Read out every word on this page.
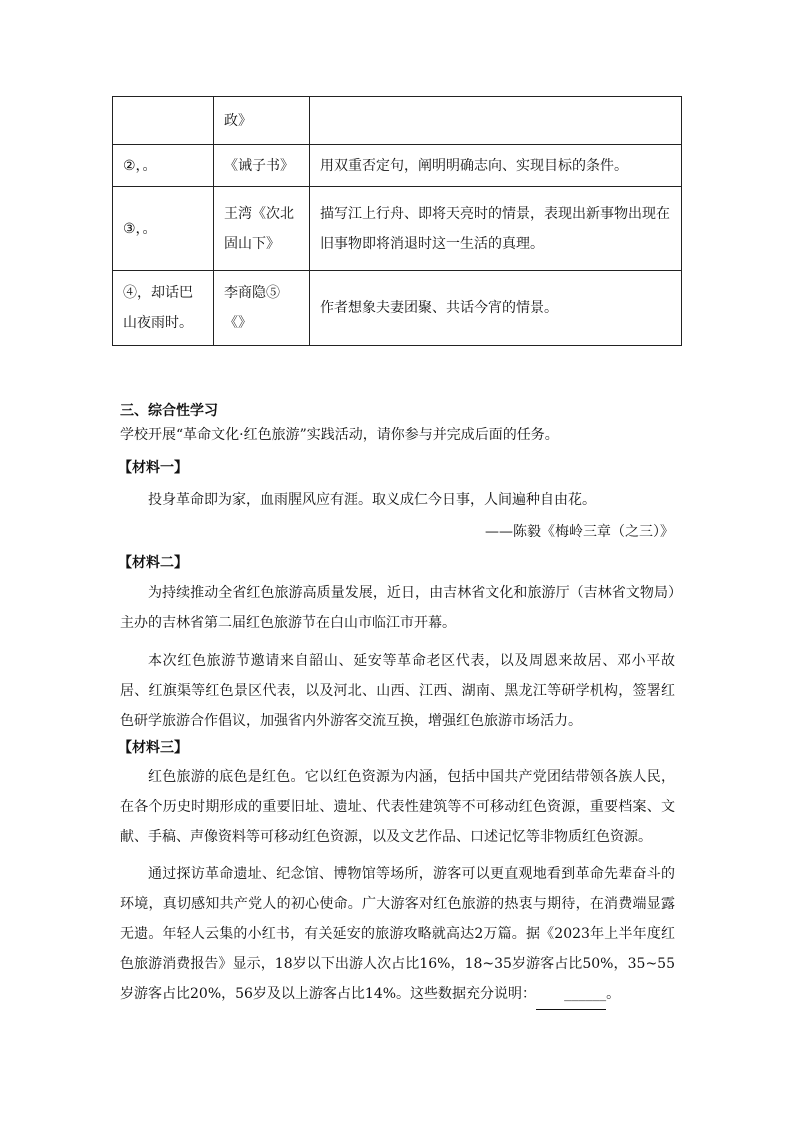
	政》	
②，。	《诫子书》	用双重否定句，阐明明确志向、实现目标的条件。
③，。	王湾《次北固山下》	描写江上行舟、即将天亮时的情景，表现出新事物出现在旧事物即将消退时这一生活的真理。
④，却话巴山夜雨时。	李商隐⑤《》	作者想象夫妻团聚、共话今宵的情景。
三、综合性学习
学校开展“革命文化·红色旅游”实践活动，请你参与并完成后面的任务。
【材料一】
投身革命即为家，血雨腥风应有涯。取义成仁今日事，人间遍种自由花。
——陈毅《梅岭三章（之三）》
【材料二】
为持续推动全省红色旅游高质量发展，近日，由吉林省文化和旅游厅（吉林省文物局）主办的吉林省第二届红色旅游节在白山市临江市开幕。
本次红色旅游节邀请来自韶山、延安等革命老区代表，以及周恩来故居、邓小平故居、红旗渠等红色景区代表，以及河北、山西、江西、湖南、黑龙江等研学机构，签署红色研学旅游合作倡议，加强省内外游客交流互换，增强红色旅游市场活力。
【材料三】
红色旅游的底色是红色。它以红色资源为内涵，包括中国共产党团结带领各族人民，在各个历史时期形成的重要旧址、遗址、代表性建筑等不可移动红色资源，重要档案、文献、手稿、声像资料等可移动红色资源，以及文艺作品、口述记忆等非物质红色资源。
通过探访革命遗址、纪念馆、博物馆等场所，游客可以更直观地看到革命先辈奋斗的环境，真切感知共产党人的初心使命。广大游客对红色旅游的热衷与期待，在消费端显露无遗。年轻人云集的小红书，有关延安的旅游攻略就高达2万篇。据《2023年上半年度红色旅游消费报告》显示，18岁以下出游人次占比16%，18~35岁游客占比50%，35~55岁游客占比20%，56岁及以上游客占比14%。这些数据充分说明： ______。
